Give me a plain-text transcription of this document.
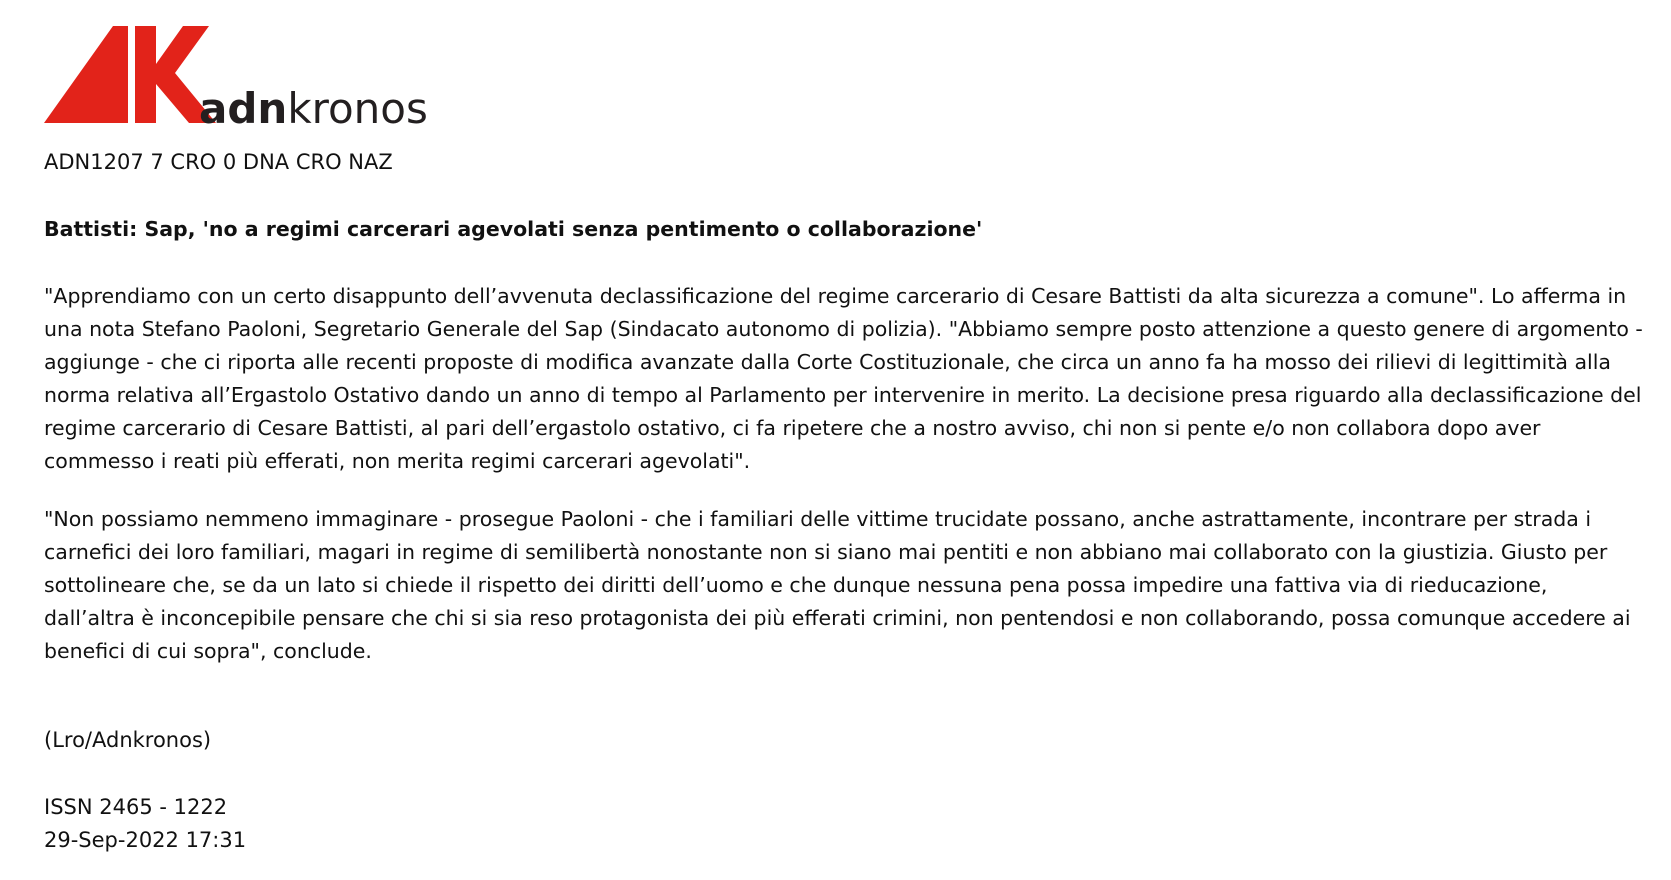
adnkronos
ADN1207 7 CRO 0 DNA CRO NAZ
Battisti: Sap, 'no a regimi carcerari agevolati senza pentimento o collaborazione'

"Apprendiamo con un certo disappunto dell’avvenuta declassificazione del regime carcerario di Cesare Battisti da alta sicurezza a comune". Lo afferma in una nota Stefano Paoloni, Segretario Generale del Sap (Sindacato autonomo di polizia). "Abbiamo sempre posto attenzione a questo genere di argomento - aggiunge - che ci riporta alle recenti proposte di modifica avanzate dalla Corte Costituzionale, che circa un anno fa ha mosso dei rilievi di legittimità alla norma relativa all’Ergastolo Ostativo dando un anno di tempo al Parlamento per intervenire in merito. La decisione presa riguardo alla declassificazione del regime carcerario di Cesare Battisti, al pari dell’ergastolo ostativo, ci fa ripetere che a nostro avviso, chi non si pente e/o non collabora dopo aver commesso i reati più efferati, non merita regimi carcerari agevolati".

"Non possiamo nemmeno immaginare - prosegue Paoloni - che i familiari delle vittime trucidate possano, anche astrattamente, incontrare per strada i carnefici dei loro familiari, magari in regime di semilibertà nonostante non si siano mai pentiti e non abbiano mai collaborato con la giustizia. Giusto per sottolineare che, se da un lato si chiede il rispetto dei diritti dell’uomo e che dunque nessuna pena possa impedire una fattiva via di rieducazione, dall’altra è inconcepibile pensare che chi si sia reso protagonista dei più efferati crimini, non pentendosi e non collaborando, possa comunque accedere ai benefici di cui sopra", conclude.

(Lro/Adnkronos)
ISSN 2465 - 1222
29-Sep-2022 17:31
